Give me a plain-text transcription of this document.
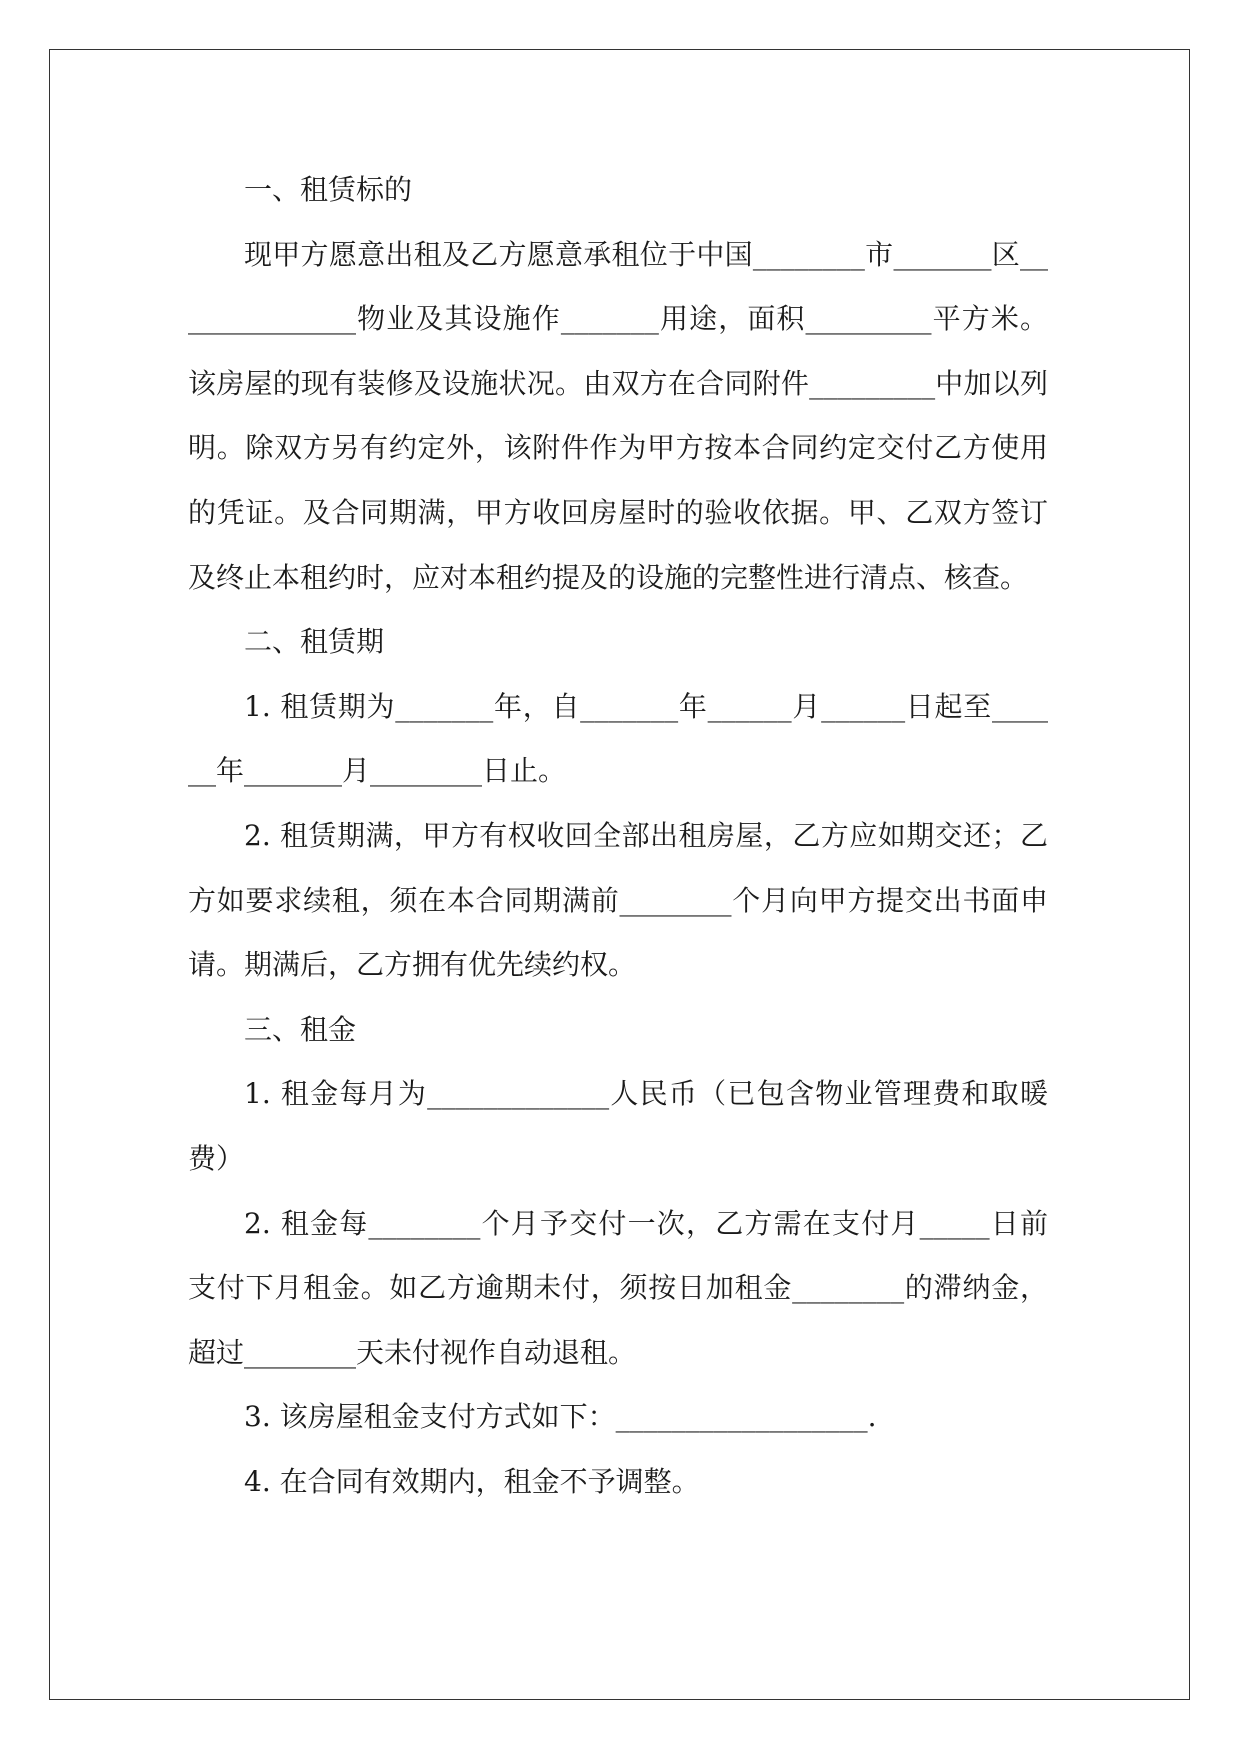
一、租赁标的

现甲方愿意出租及乙方愿意承租位于中国________市_______区______________物业及其设施作_______用途，面积_________平方米。该房屋的现有装修及设施状况。由双方在合同附件_________中加以列明。除双方另有约定外，该附件作为甲方按本合同约定交付乙方使用的凭证。及合同期满，甲方收回房屋时的验收依据。甲、乙双方签订及终止本租约时，应对本租约提及的设施的完整性进行清点、核查。

二、租赁期

1. 租赁期为_______年，自_______年______月______日起至______年_______月________日止。

2. 租赁期满，甲方有权收回全部出租房屋，乙方应如期交还；乙方如要求续租，须在本合同期满前________个月向甲方提交出书面申请。期满后，乙方拥有优先续约权。

三、租金

1. 租金每月为_____________人民币（已包含物业管理费和取暖费）

2. 租金每________个月予交付一次，乙方需在支付月_____日前支付下月租金。如乙方逾期未付，须按日加租金________的滞纳金，超过________天未付视作自动退租。

3. 该房屋租金支付方式如下：__________________.

4. 在合同有效期内，租金不予调整。
